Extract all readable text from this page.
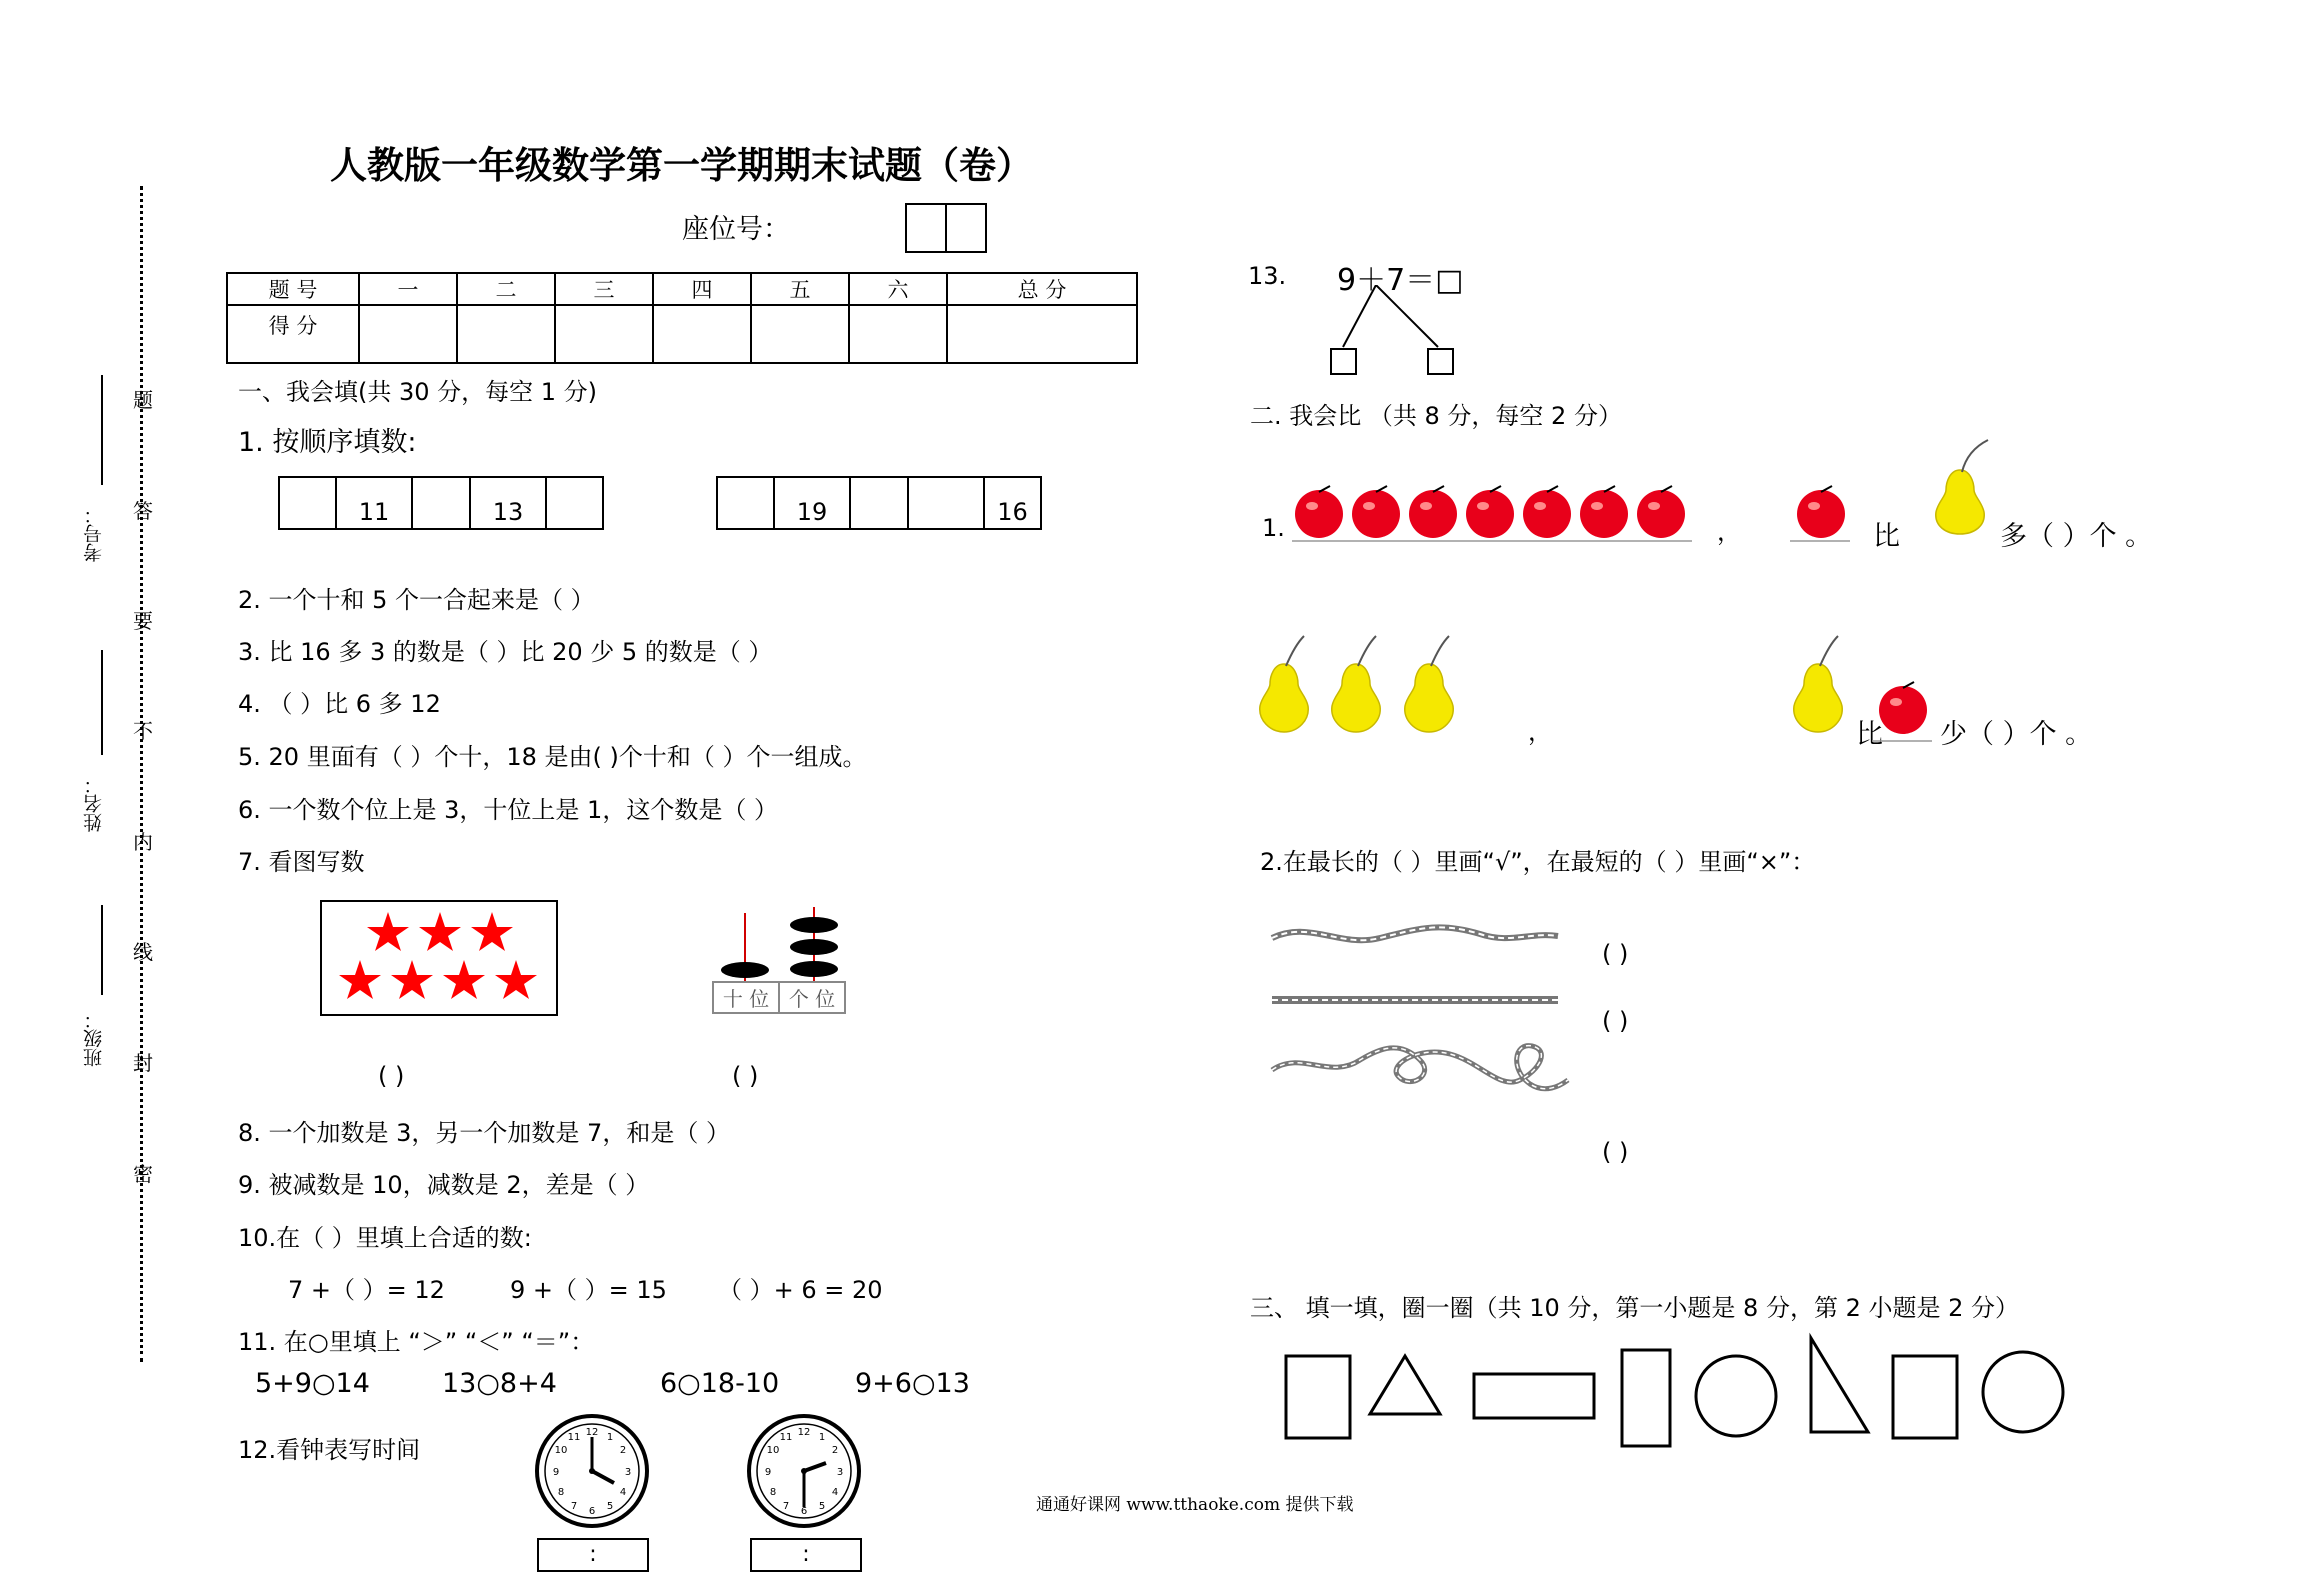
题
答
要
不
内
线
封
密
考号：
姓名：
班级：
人教版一年级数学第一学期期末试题（卷）
座位号：
题 号	一	二	三	四	五	六	总 分
得 分							
一、我会填(共 30 分，每空 1 分)
1. 按顺序填数:
11	13	19	16
2. 一个十和 5 个一合起来是（ ）
3. 比 16 多 3 的数是（ ）比 20 少 5 的数是（ ）
4. （ ）比 6 多 12
5. 20 里面有（ ）个十，18 是由( )个十和（ ）个一组成。
6. 一个数个位上是 3，十位上是 1，这个数是（ ）
7. 看图写数
十 位 个 位
( )	( )
8. 一个加数是 3，另一个加数是 7，和是（ ）
9. 被减数是 10，减数是 2，差是（ ）
10.在（ ）里填上合适的数:
7 +（ ）= 12	9 +（ ）= 15 （ ）+ 6 = 20
11. 在○里填上 “＞” “＜” “＝”：
5+9○14	13○8+4	6○18-10	9+6○13
12.看钟表写时间
12 1
2
3
4
5
6
7
8
9
10
11	12 1
2
3
4
5
6
7
8
9
10
11
:	:
13. 9＋7＝□
二. 我会比 （共 8 分，每空 2 分）
1.	，	比	多（ ）个 。
，	比 少（ ）个 。
2.在最长的（ ）里画“√”，在最短的（ ）里画“×”：
( )
( )
( )
三、 填一填，圈一圈（共 10 分，第一小题是 8 分，第 2 小题是 2 分）
通通好课网 www.tthaoke.com 提供下载
